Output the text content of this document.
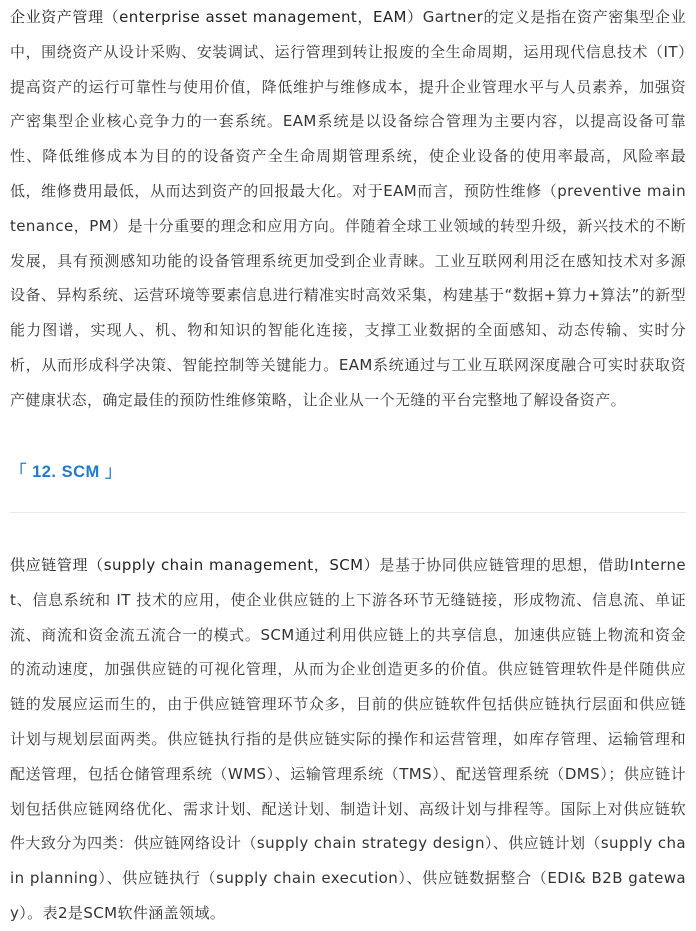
企业资产管理（enterprise asset management，EAM）Gartner的定义是指在资产密集型企业中，围绕资产从设计采购、安装调试、运行管理到转让报废的全生命周期，运用现代信息技术（IT）提高资产的运行可靠性与使用价值，降低维护与维修成本，提升企业管理水平与人员素养，加强资产密集型企业核心竞争力的一套系统。EAM系统是以设备综合管理为主要内容，以提高设备可靠性、降低维修成本为目的的设备资产全生命周期管理系统，使企业设备的使用率最高，风险率最低，维修费用最低，从而达到资产的回报最大化。对于EAM而言，预防性维修（preventive maintenance，PM）是十分重要的理念和应用方向。伴随着全球工业领域的转型升级，新兴技术的不断发展，具有预测感知功能的设备管理系统更加受到企业青睐。工业互联网利用泛在感知技术对多源设备、异构系统、运营环境等要素信息进行精准实时高效采集，构建基于“数据+算力+算法”的新型能力图谱，实现人、机、物和知识的智能化连接，支撑工业数据的全面感知、动态传输、实时分析，从而形成科学决策、智能控制等关键能力。EAM系统通过与工业互联网深度融合可实时获取资产健康状态，确定最佳的预防性维修策略，让企业从一个无缝的平台完整地了解设备资产。

「 12. SCM 」

供应链管理（supply chain management，SCM）是基于协同供应链管理的思想，借助Internet、信息系统和 IT 技术的应用，使企业供应链的上下游各环节无缝链接，形成物流、信息流、单证流、商流和资金流五流合一的模式。SCM通过利用供应链上的共享信息，加速供应链上物流和资金的流动速度，加强供应链的可视化管理，从而为企业创造更多的价值。供应链管理软件是伴随供应链的发展应运而生的，由于供应链管理环节众多，目前的供应链软件包括供应链执行层面和供应链计划与规划层面两类。供应链执行指的是供应链实际的操作和运营管理，如库存管理、运输管理和配送管理，包括仓储管理系统（WMS）、运输管理系统（TMS）、配送管理系统（DMS）；供应链计划包括供应链网络优化、需求计划、配送计划、制造计划、高级计划与排程等。国际上对供应链软件大致分为四类：供应链网络设计（supply chain strategy design）、供应链计划（supply chain planning）、供应链执行（supply chain execution）、供应链数据整合（EDI& B2B gateway）。表2是SCM软件涵盖领域。
